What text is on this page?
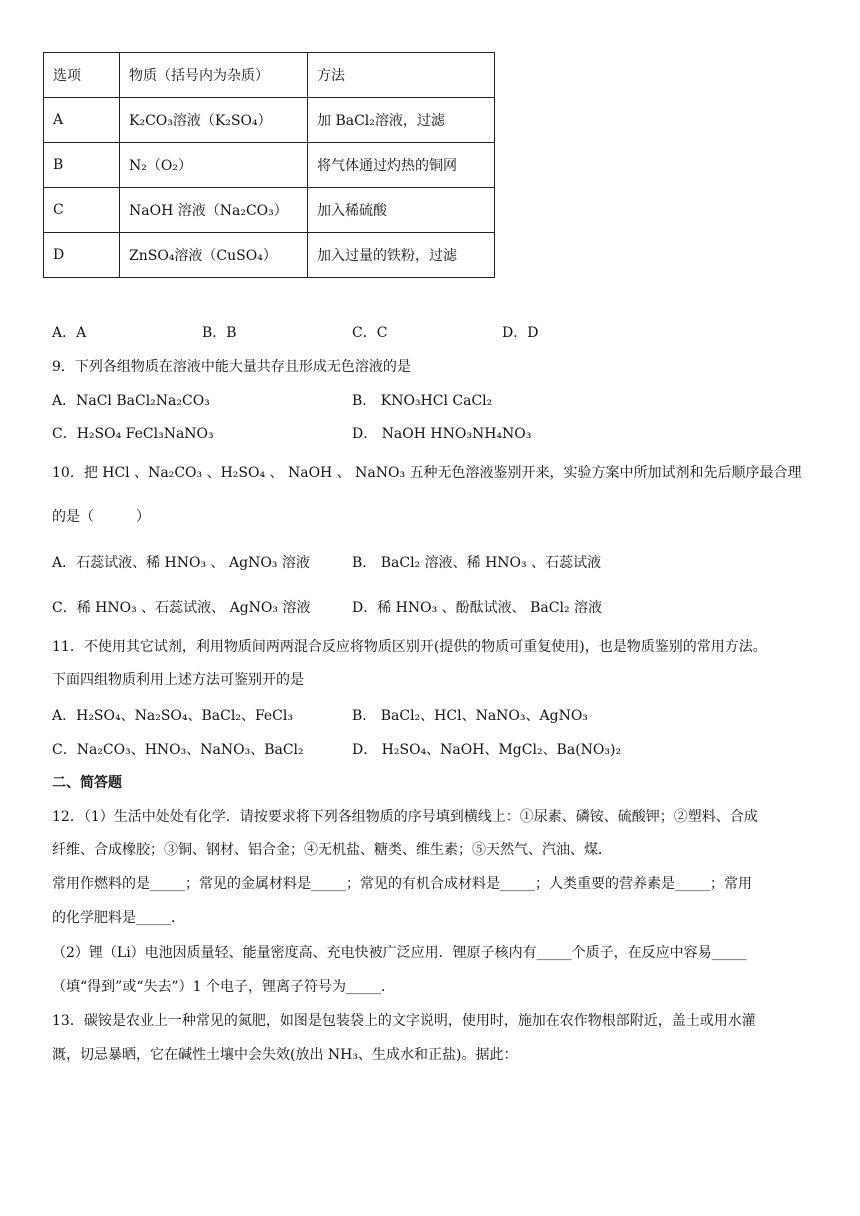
选项	物质（括号内为杂质）	方法
A	K₂CO₃溶液（K₂SO₄）	加 BaCl₂溶液，过滤
B	N₂（O₂）	将气体通过灼热的铜网
C	NaOH 溶液（Na₂CO₃）	加入稀硫酸
D	ZnSO₄溶液（CuSO₄）	加入过量的铁粉，过滤
A．A	B．B	C．C	D．D
9．下列各组物质在溶液中能大量共存且形成无色溶液的是
A．NaCl BaCl₂Na₂CO₃	B． KNO₃HCl CaCl₂
C．H₂SO₄ FeCl₃NaNO₃	D． NaOH HNO₃NH₄NO₃
10．把 HCl 、Na₂CO₃ 、H₂SO₄ 、 NaOH 、 NaNO₃ 五种无色溶液鉴别开来，实验方案中所加试剂和先后顺序最合理
的是（　　　）
A．石蕊试液、稀 HNO₃ 、 AgNO₃ 溶液	B． BaCl₂ 溶液、稀 HNO₃ 、石蕊试液
C．稀 HNO₃ 、石蕊试液、 AgNO₃ 溶液	D．稀 HNO₃ 、酚酞试液、 BaCl₂ 溶液
11．不使用其它试剂，利用物质间两两混合反应将物质区别开(提供的物质可重复使用)，也是物质鉴别的常用方法。
下面四组物质利用上述方法可鉴别开的是
A．H₂SO₄、Na₂SO₄、BaCl₂、FeCl₃	B． BaCl₂、HCl、NaNO₃、AgNO₃
C．Na₂CO₃、HNO₃、NaNO₃、BaCl₂	D． H₂SO₄、NaOH、MgCl₂、Ba(NO₃)₂
二、简答题
12．（1）生活中处处有化学．请按要求将下列各组物质的序号填到横线上：①尿素、磷铵、硫酸钾；②塑料、合成
纤维、合成橡胶；③铜、钢材、铝合金；④无机盐、糖类、维生素；⑤天然气、汽油、煤．
常用作燃料的是_____；常见的金属材料是_____；常见的有机合成材料是_____；人类重要的营养素是_____；常用
的化学肥料是_____．
（2）锂（Li）电池因质量轻、能量密度高、充电快被广泛应用．锂原子核内有_____个质子，在反应中容易_____
（填“得到”或“失去”）1 个电子，锂离子符号为_____．
13．碳铵是农业上一种常见的氮肥，如图是包装袋上的文字说明，使用时，施加在农作物根部附近，盖土或用水灌
溉，切忌暴晒，它在碱性土壤中会失效(放出 NH₃、生成水和正盐)。据此：
